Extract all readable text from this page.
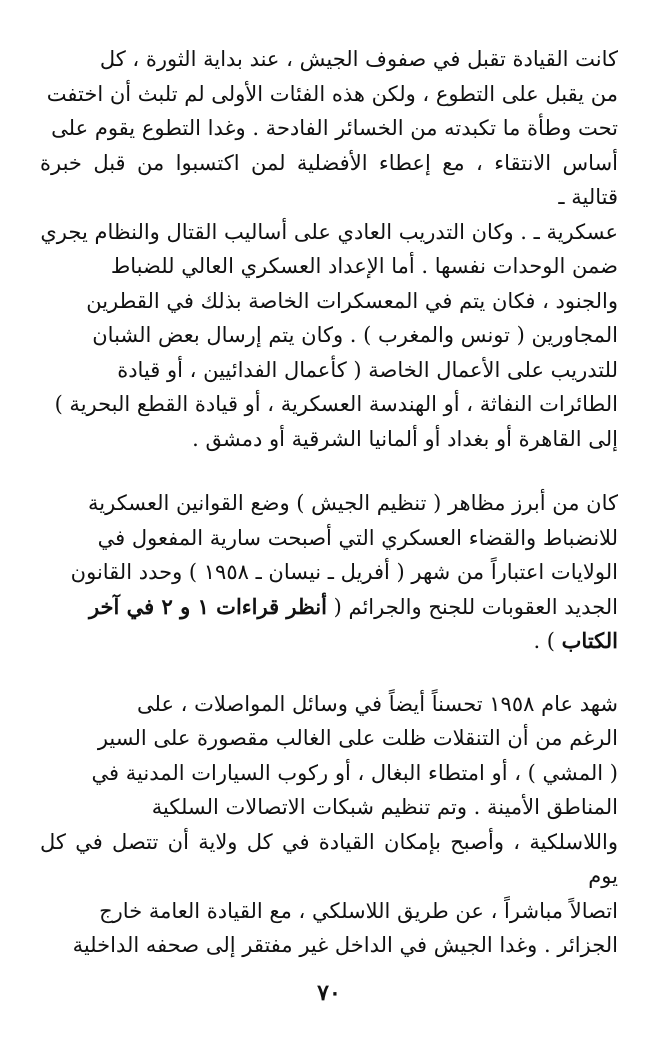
كانت القيادة تقبل في صفوف الجيش ، عند بداية الثورة ، كل
من يقبل على التطوع ، ولكن هذه الفئات الأولى لم تلبث أن اختفت
تحت وطأة ما تكبدته من الخسائر الفادحة . وغدا التطوع يقوم على
أساس الانتقاء ، مع إعطاء الأفضلية لمن اكتسبوا من قبل خبرة قتالية ـ
عسكرية ـ . وكان التدريب العادي على أساليب القتال والنظام يجري
ضمن الوحدات نفسها . أما الإعداد العسكري العالي للضباط
والجنود ، فكان يتم في المعسكرات الخاصة بذلك في القطرين
المجاورين ( تونس والمغرب ) . وكان يتم إرسال بعض الشبان
للتدريب على الأعمال الخاصة ( كأعمال الفدائيين ، أو قيادة
الطائرات النفاثة ، أو الهندسة العسكرية ، أو قيادة القطع البحرية )
إلى القاهرة أو بغداد أو ألمانيا الشرقية أو دمشق .
كان من أبرز مظاهر ( تنظيم الجيش ) وضع القوانين العسكرية
للانضباط والقضاء العسكري التي أصبحت سارية المفعول في
الولايات اعتباراً من شهر ( أفريل ـ نيسان ـ ١٩٥٨ ) وحدد القانون
الجديد العقوبات للجنح والجرائم ( أنظر قراءات ١ و ٢ في آخر
الكتاب ) .
شهد عام ١٩٥٨ تحسناً أيضاً في وسائل المواصلات ، على
الرغم من أن التنقلات ظلت على الغالب مقصورة على السير
( المشي ) ، أو امتطاء البغال ، أو ركوب السيارات المدنية في
المناطق الأمينة . وتم تنظيم شبكات الاتصالات السلكية
واللاسلكية ، وأصبح بإمكان القيادة في كل ولاية أن تتصل في كل يوم
اتصالاً مباشراً ، عن طريق اللاسلكي ، مع القيادة العامة خارج
الجزائر . وغدا الجيش في الداخل غير مفتقر إلى صحفه الداخلية
٧٠
